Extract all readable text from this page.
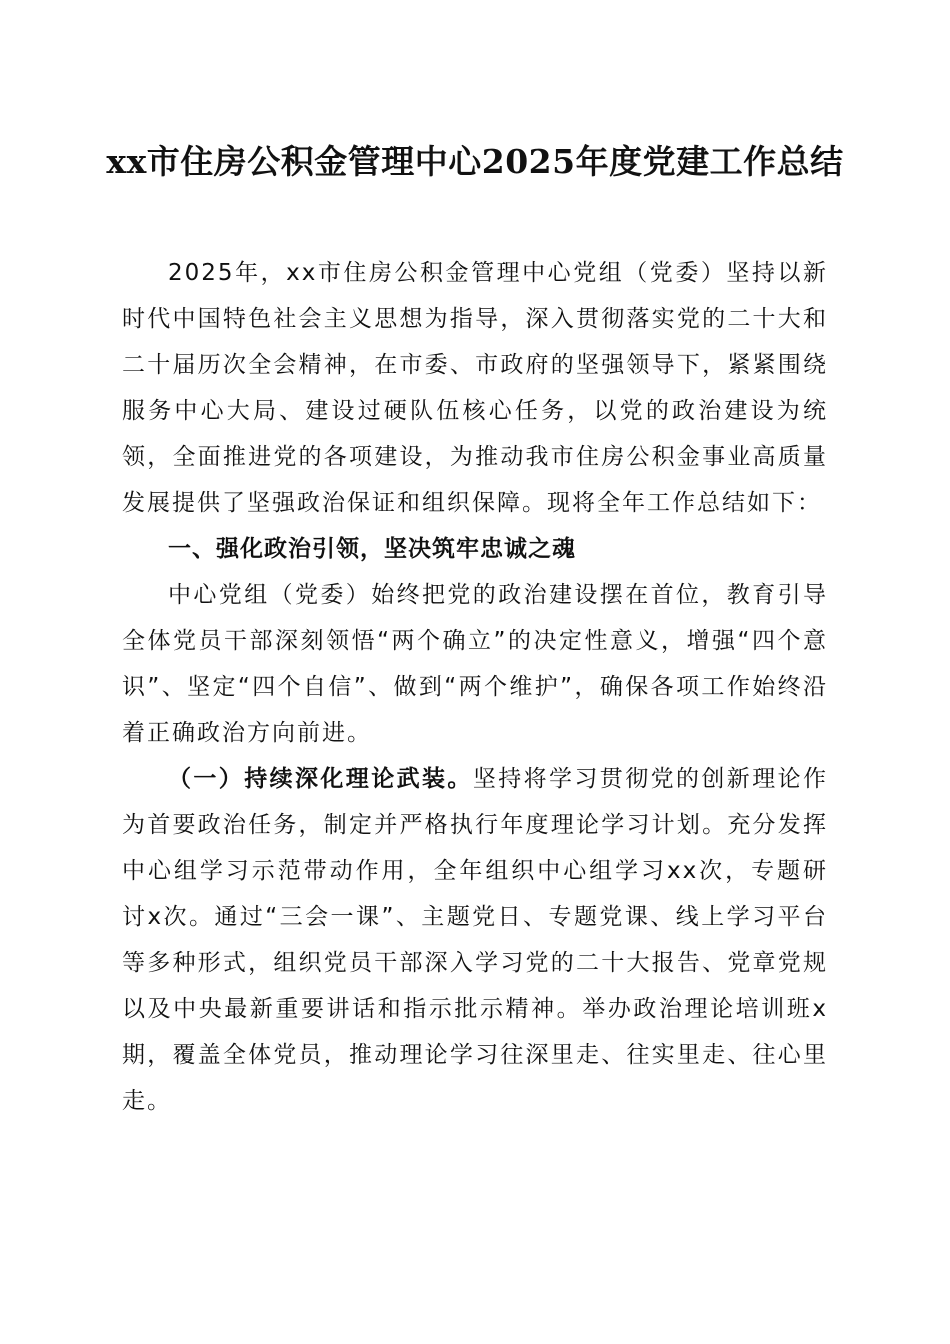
xx市住房公积金管理中心2025年度党建工作总结

2025年，xx市住房公积金管理中心党组（党委）坚持以新时代中国特色社会主义思想为指导，深入贯彻落实党的二十大和二十届历次全会精神，在市委、市政府的坚强领导下，紧紧围绕服务中心大局、建设过硬队伍核心任务，以党的政治建设为统领，全面推进党的各项建设，为推动我市住房公积金事业高质量发展提供了坚强政治保证和组织保障。现将全年工作总结如下：

一、强化政治引领，坚决筑牢忠诚之魂

中心党组（党委）始终把党的政治建设摆在首位，教育引导全体党员干部深刻领悟“两个确立”的决定性意义，增强“四个意识”、坚定“四个自信”、做到“两个维护”，确保各项工作始终沿着正确政治方向前进。

（一）持续深化理论武装。坚持将学习贯彻党的创新理论作为首要政治任务，制定并严格执行年度理论学习计划。充分发挥中心组学习示范带动作用，全年组织中心组学习xx次，专题研讨x次。通过“三会一课”、主题党日、专题党课、线上学习平台等多种形式，组织党员干部深入学习党的二十大报告、党章党规以及中央最新重要讲话和指示批示精神。举办政治理论培训班x期，覆盖全体党员，推动理论学习往深里走、往实里走、往心里走。
